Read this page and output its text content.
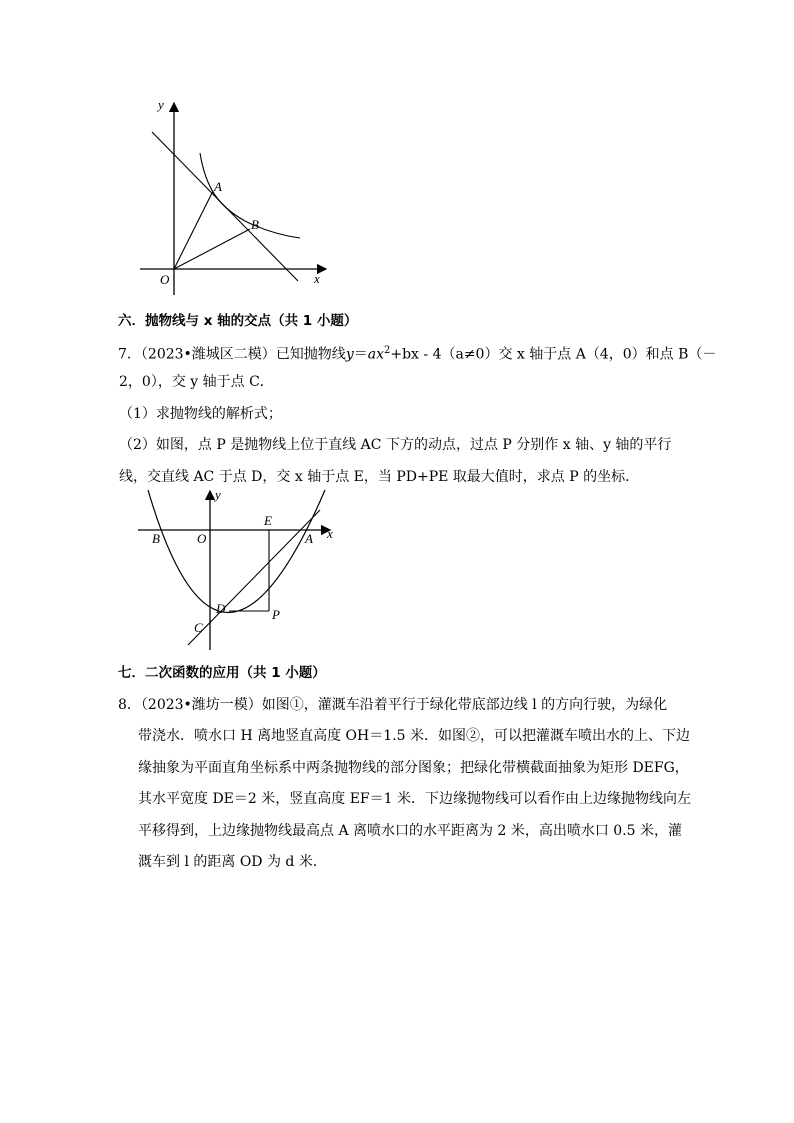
y
x
O
A
B
六．抛物线与 x 轴的交点（共 1 小题）
7．（2023•潍城区二模）已知抛物线$y=ax^2+bx - 4(a\ne 0)$交 x 轴于点 A（4，0）和点 B（－
2，0），交 y 轴于点 C．
（1）求抛物线的解析式；
（2）如图，点 P 是抛物线上位于直线 AC 下方的动点，过点 P 分别作 x 轴、y 轴的平行
线，交直线 AC 于点 D，交 x 轴于点 E，当 PD+PE 取最大值时，求点 P 的坐标．
y
x
O
B	A
E
D	P
C
七．二次函数的应用（共 1 小题）
8．（2023•潍坊一模）如图①，灌溉车沿着平行于绿化带底部边线 l 的方向行驶，为绿化
带浇水．喷水口 H 离地竖直高度 OH＝1.5 米．如图②，可以把灌溉车喷出水的上、下边
缘抽象为平面直角坐标系中两条抛物线的部分图象；把绿化带横截面抽象为矩形 DEFG，
其水平宽度 DE＝2 米，竖直高度 EF＝1 米．下边缘抛物线可以看作由上边缘抛物线向左
平移得到，上边缘抛物线最高点 A 离喷水口的水平距离为 2 米，高出喷水口 0.5 米，灌
溉车到 l 的距离 OD 为 d 米．
